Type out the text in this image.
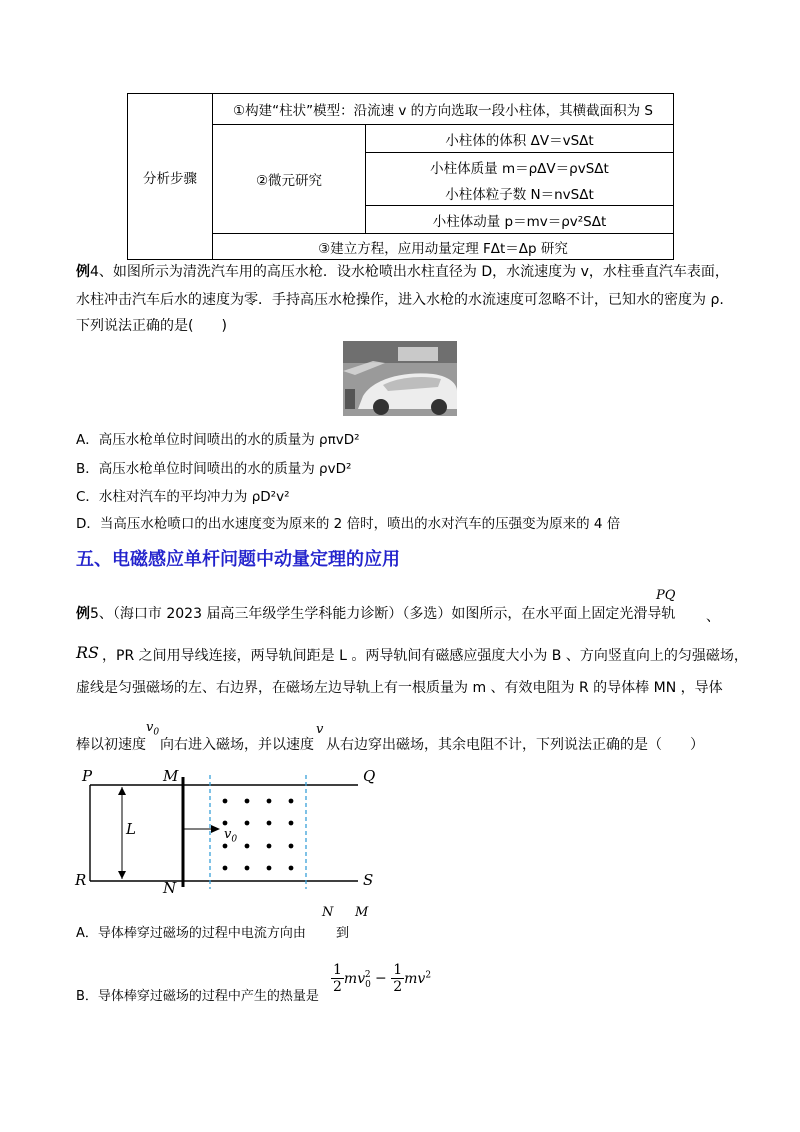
分析步骤	①构建“柱状”模型：沿流速 v 的方向选取一段小柱体，其横截面积为 S	
	②微元研究	小柱体的体积 ΔV＝vSΔt
		小柱体质量 m＝ρΔV＝ρvSΔt
		小柱体粒子数 N＝nvSΔt
		小柱体动量 p＝mv＝ρv²SΔt
	③建立方程，应用动量定理 FΔt＝Δp 研究	
例4、如图所示为清洗汽车用的高压水枪．设水枪喷出水柱直径为 D，水流速度为 v，水柱垂直汽车表面，
水柱冲击汽车后水的速度为零．手持高压水枪操作，进入水枪的水流速度可忽略不计，已知水的密度为 ρ.
下列说法正确的是(　　)
A．高压水枪单位时间喷出的水的质量为 ρπvD²
B．高压水枪单位时间喷出的水的质量为 ρvD²
C．水柱对汽车的平均冲力为 ρD²v²
D．当高压水枪喷口的出水速度变为原来的 2 倍时，喷出的水对汽车的压强变为原来的 4 倍
五、电磁感应单杆问题中动量定理的应用
例5、（海口市 2023 届高三年级学生学科能力诊断）（多选）如图所示，在水平面上固定光滑导轨
PQ
、
RS ，PR 之间用导线连接，两导轨间距是 L 。两导轨间有磁感应强度大小为 B 、方向竖直向上的匀强磁场，
虚线是匀强磁场的左、右边界，在磁场左边导轨上有一根质量为 m 、有效电阻为 R 的导体棒 MN ，导体
棒以初速度
$v_0$
向右进入磁场，并以速度
v
从右边穿出磁场，其余电阻不计，下列说法正确的是（　　）
P	M	Q
L	$v_0$
R	N	S
A．导体棒穿过磁场的过程中电流方向由
N
到
M
B．导体棒穿过磁场的过程中产生的热量是
$\frac{1}{2} mv_0^2 - \frac{1}{2} mv^2$
